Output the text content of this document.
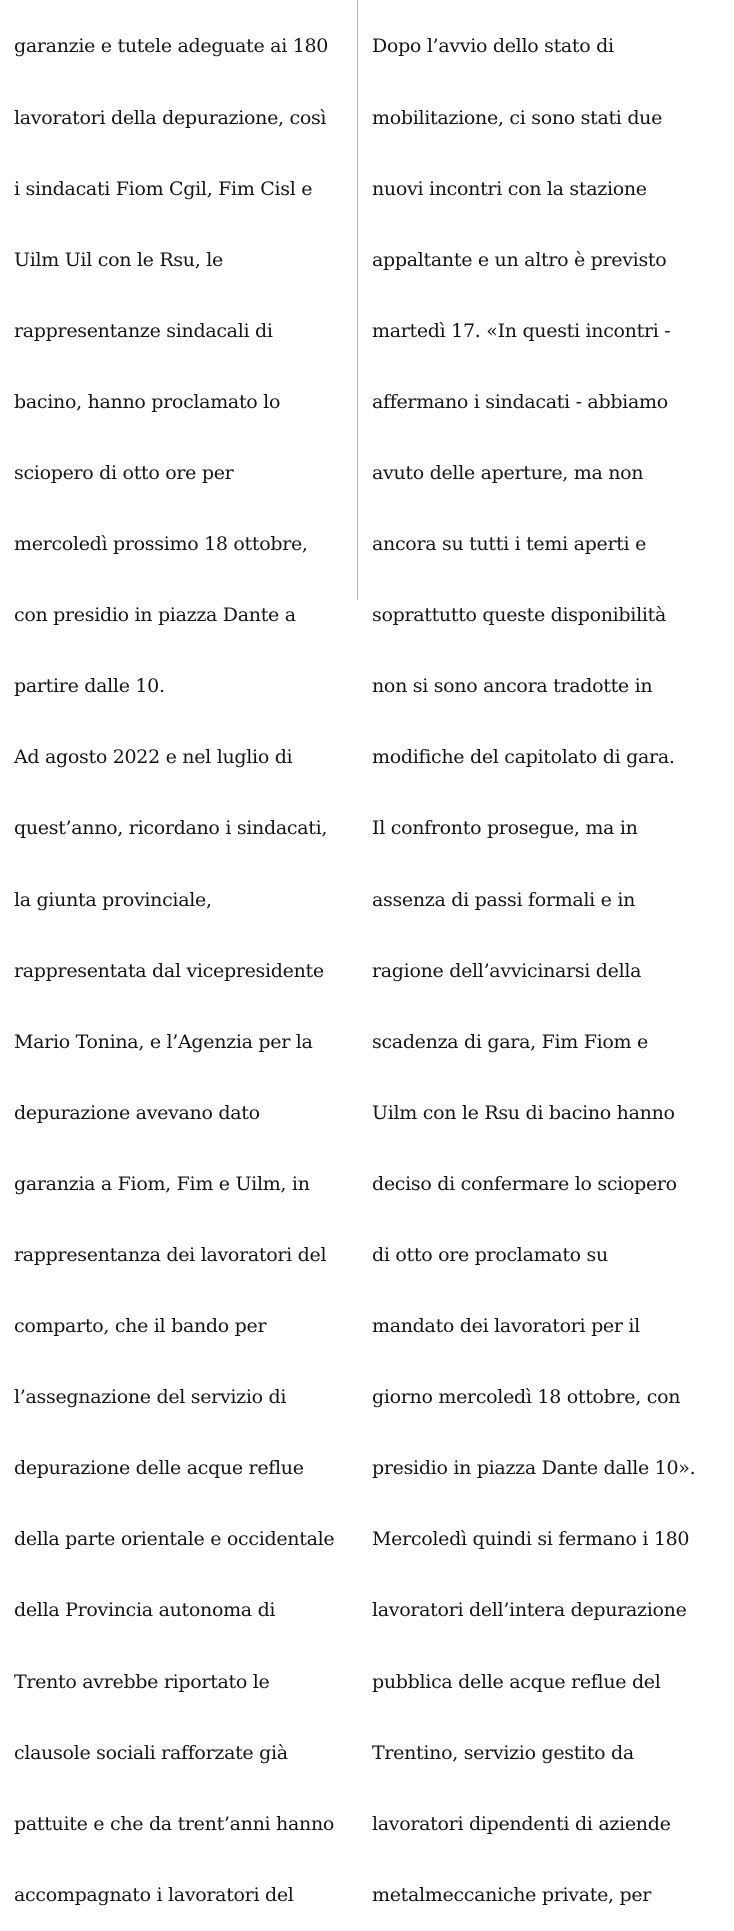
garanzie e tutele adeguate ai 180

lavoratori della depurazione, così

i sindacati Fiom Cgil, Fim Cisl e

Uilm Uil con le Rsu, le

rappresentanze sindacali di

bacino, hanno proclamato lo

sciopero di otto ore per

mercoledì prossimo 18 ottobre,

con presidio in piazza Dante a

partire dalle 10.

Ad agosto 2022 e nel luglio di

quest’anno, ricordano i sindacati,

la giunta provinciale,

rappresentata dal vicepresidente

Mario Tonina, e l’Agenzia per la

depurazione avevano dato

garanzia a Fiom, Fim e Uilm, in

rappresentanza dei lavoratori del

comparto, che il bando per

l’assegnazione del servizio di

depurazione delle acque reflue

della parte orientale e occidentale

della Provincia autonoma di

Trento avrebbe riportato le

clausole sociali rafforzate già

pattuite e che da trent’anni hanno

accompagnato i lavoratori del

Dopo l’avvio dello stato di

mobilitazione, ci sono stati due

nuovi incontri con la stazione

appaltante e un altro è previsto

martedì 17. «In questi incontri -

affermano i sindacati - abbiamo

avuto delle aperture, ma non

ancora su tutti i temi aperti e

soprattutto queste disponibilità

non si sono ancora tradotte in

modifiche del capitolato di gara.

Il confronto prosegue, ma in

assenza di passi formali e in

ragione dell’avvicinarsi della

scadenza di gara, Fim Fiom e

Uilm con le Rsu di bacino hanno

deciso di confermare lo sciopero

di otto ore proclamato su

mandato dei lavoratori per il

giorno mercoledì 18 ottobre, con

presidio in piazza Dante dalle 10».

Mercoledì quindi si fermano i 180

lavoratori dell’intera depurazione

pubblica delle acque reflue del

Trentino, servizio gestito da

lavoratori dipendenti di aziende

metalmeccaniche private, per
